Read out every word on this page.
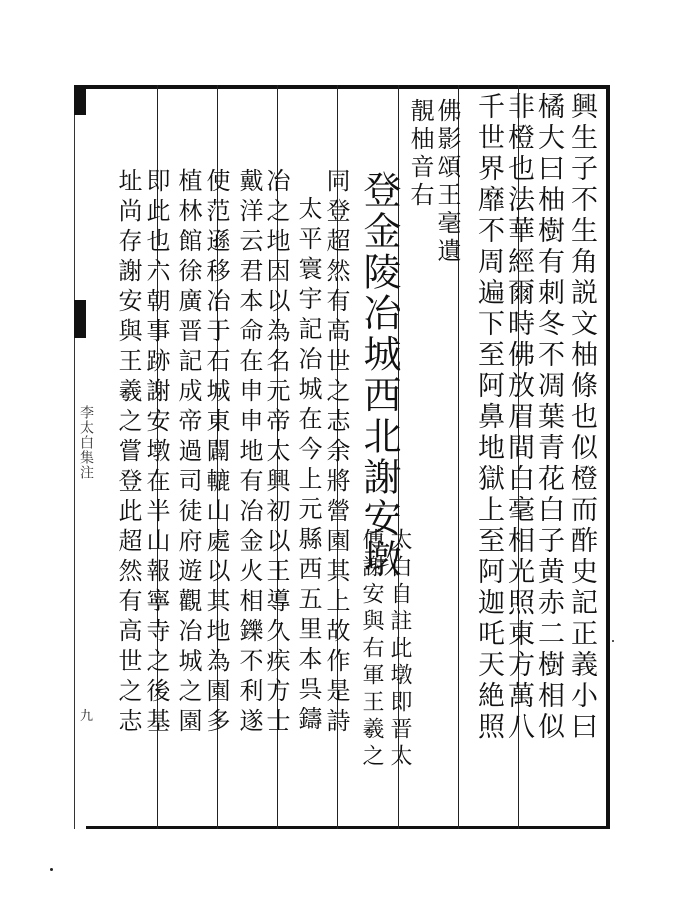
李太白集注
九	興生子不生角説文柚條也似橙而酢史記正義小曰
橘大曰柚樹有刺冬不凋葉青花白子黄赤二樹相似
非橙也法華經爾時佛放眉間白毫相光照東方萬八
千世界靡不周遍下至阿鼻地獄上至阿迦吒天絶照
佛影頌王毫遺
靚柚音右
登金陵冶城西北謝安墩
太白自註此墩即晋太
傅謝安與右軍王羲之
同登超然有高世之志余將營園其上故作是詩
太平寰宇記冶城在今上元縣西五里本呉鑄
冶之地因以為名元帝太興初以王導久疾方士
戴洋云君本命在申申地有冶金火相鑠不利遂
使范遜移冶于石城東闢轆山處以其地為園多
植林館徐廣晋記成帝過司徒府遊觀冶城之園
即此也六朝事跡謝安墩在半山報寧寺之後基
址尚存謝安與王羲之嘗登此超然有高世之志
